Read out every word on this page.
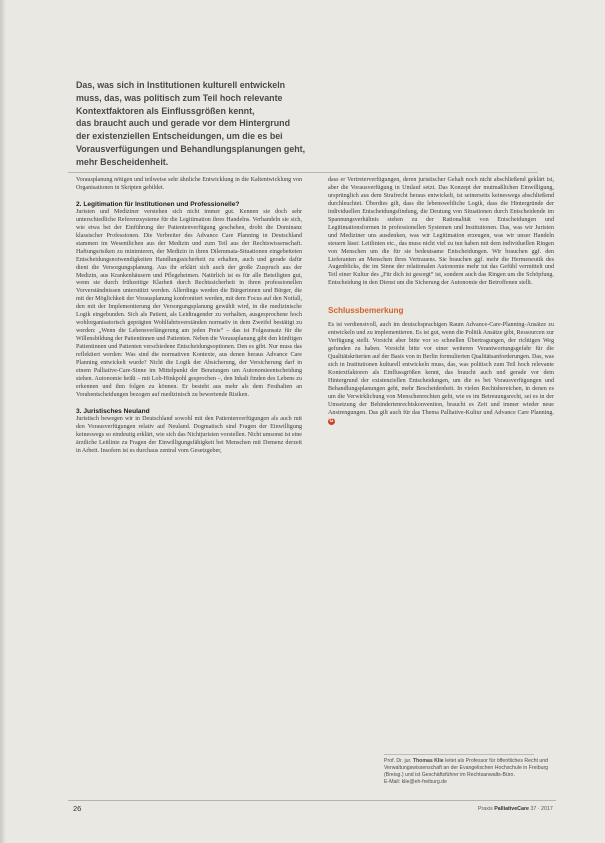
Das, was sich in Institutionen kulturell entwickeln
muss, das, was politisch zum Teil hoch relevante
Kontextfaktoren als Einflussgrößen kennt,
das braucht auch und gerade vor dem Hintergrund
der existenziellen Entscheidungen, um die es bei
Vorausverfügungen und Behandlungsplanungen geht,
mehr Bescheidenheit.

Vorausplanung nötigen und teilweise sehr ähnliche Entwicklung in die Kaltentwicklung von Organisationen in Skripten gebildet.

2. Legitimation für Institutionen und Professionelle?

Juristen und Mediziner verstehen sich nicht immer gut. Kennen sie doch sehr unterschiedliche Referenzsysteme für die Legitimation ihres Handelns. Verhandeln sie sich, wie etwa bei der Einführung der Patientenverfügung geschehen, droht die Dominanz klassischer Professionen. Die Verbreiter des Advance Care Planning in Deutschland stammen im Wesentlichen aus der Medizin und zum Teil aus der Rechtswissenschaft. Haftungsrisiken zu minimieren, der Medizin in ihren Dilemmata-Situationen eingebetteten Entscheidungsnotwendigkeiten Handlungssicherheit zu erhalten, auch und gerade dafür dient die Versorgungsplanung. Aus ihr erklärt sich auch der große Zuspruch aus der Medizin, aus Krankenhäusern und Pflegeheimen. Natürlich ist es für alle Beteiligten gut, wenn sie durch frühzeitige Klarheit durch Rechtssicherheit in ihren professionellen Vorverständnissen unterstützt werden. Allerdings werden die Bürgerinnen und Bürger, die mit der Möglichkeit der Vorausplanung konfrontiert werden, mit dem Focus auf den Notfall, den mit der Implementierung der Versorgungsplanung gewählt wird, in die medizinische Logik eingebunden. Sich als Patient, als Leidtragender zu verhalten, ausgesprochene hoch wohlorganisatorisch geprägten Wohlfahrtsverständen normativ in dem Zweifel bestätigt zu werden: „Wenn die Lebensverlängerung am jeden Preis“ – das ist Folgeansatz für die Willensbildung der Patientinnen und Patienten. Neben die Vorausplanung gibt den künftigen Patientinnen und Patienten verschiedene Entscheidungsoptionen. Den es gibt. Nur muss das reflektiert werden: Was sind die normativen Kontexte, aus denen heraus Advance Care Planning entwickelt wurde? Nicht die Logik der Absicherung, der Versicherung darf in einem Palliative-Care-Sinne im Mittelpunkt der Beratungen um Autonomieentscheidung stehen. Autonomie heißt – mit Lob-Hinkpohl gesprochen –, den Inhalt finden des Lebens zu erkennen und ihm folgen zu können. Er besteht aus mehr als dem Festhalten an Vorabentscheidungen bezogen auf medizinisch zu bewertende Risiken.

3. Juristisches Neuland

Juristisch bewegen wir in Deutschland sowohl mit den Patientenverfügungen als auch mit den Vorausverfügungen relativ auf Neuland. Dogmatisch sind Fragen der Einwilligung keineswegs so eindeutig erklärt, wie sich das Nichtjuristen vorstellen. Nicht umsonst ist eine ärztliche Leitlinie zu Fragen der Einwilligungsfähigkeit bei Menschen mit Demenz derzeit in Arbeit. Insofern ist es durchaus zentral vom Gesetzgeber,

dass er Vertreterverfügungen, deren juristischer Gehalt noch nicht abschließend geklärt ist, aber die Vorausverfügung in Umlauf setzt. Das Konzept der mutmaßlichen Einwilligung, ursprünglich aus dem Strafrecht heraus entwickelt, ist seinerseits keineswegs abschließend durchleuchtet. Überdies gilt, dass die lebensweltliche Logik, dass die Hintergründe der individuellen Entscheidungsfindung, die Deutung von Situationen durch Entscheidende im Spannungsverhältnis stehen zu der Rationalität von Entscheidungen und Legitimationsformen in professionellen Systemen und Institutionen. Das, was wir Juristen und Mediziner uns ausdenken, was wir Legitimation erzeugen, was wir unser Handeln steuern lässt: Leitlinien etc., das muss nicht viel zu tun haben mit dem individuellen Ringen von Menschen um die für sie bedeutsame Entscheidungen. Wir brauchen ggf. den Lieferanten an Menschen ihres Vertrauens. Sie brauchen ggf. mehr die Hermeneutik des Augenblicks, die im Sinne der relationalen Autonomie mehr tut das Gefühl vermittelt und Teil einer Kultur des „Für dich ist gesorgt“ ist, sondern auch das Ringen um die Schöpfung. Entscheidung in den Dienst um die Sicherung der Autonomie der Betroffenen stellt.

Schlussbemerkung

Es ist verdienstvoll, auch im deutschsprachigen Raum Advance-Care-Planning-Ansätze zu entwickeln und zu implementieren. Es ist gut, wenn die Politik Ansätze gibt, Ressourcen zur Verfügung stellt. Vorsicht aber bitte vor so schnellen Übertragungen, der richtigen Weg gefunden zu haben. Vorsicht bitte vor einer weiteren Verantwortungsgefahr für die Qualitätskriterien auf der Basis von in Berlin formulierten Qualitätsanforderungen. Das, was sich in Institutionen kulturell entwickeln muss, das, was politisch zum Teil hoch relevante Kontextfaktoren als Einflussgrößen kennt, das braucht auch und gerade vor dem Hintergrund der existenziellen Entscheidungen, um die es bei Vorausverfügungen und Behandlungsplanungen geht, mehr Bescheidenheit. In vielen Rechtsbereichen, in denen es um die Verwirklichung von Menschenrechten geht, wie es im Betreuungsrecht, sei es in der Umsetzung der Behindertenrechtskonvention, braucht es Zeit und immer wieder neue Anstrengungen. Das gilt auch für das Thema Palliative-Kultur und Advance Care Planning. G

Prof. Dr. jur. Thomas Klie leitet als Professor für öffentliches Recht und Verwaltungswissenschaft an der Evangelischen Hochschule in Freiburg (Breisg.) und ist Geschäftsführer im Rechtsanwalts-Büro.
E-Mail: klie@eh-freiburg.de
26	Praxis PalliativeCare 37 · 2017
